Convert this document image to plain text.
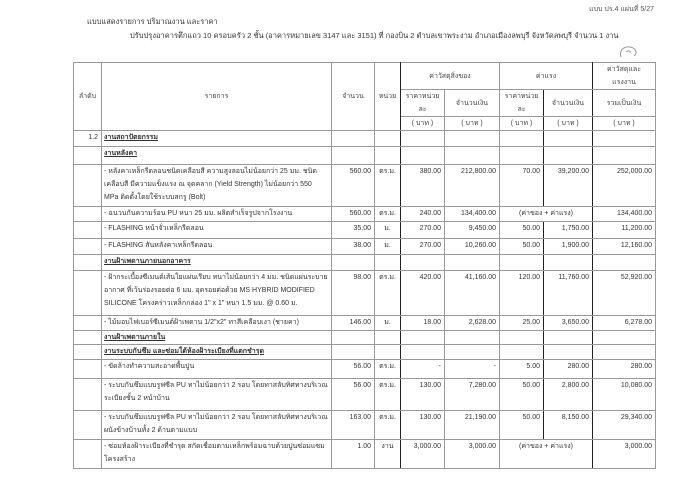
แบบแสดงรายการ ปริมาณงาน และราคา
ปรับปรุงอาคารตึกแถว 10 ครอบครัว 2 ชั้น (อาคารหมายเลข 3147 และ 3151) ที่ กองบิน 2 ตำบลเขาพระงาม อำเภอเมืองลพบุรี จังหวัดลพบุรี จำนวน 1 งาน
แบบ ปร.4 แผ่นที่ 5/27
ลำดับ	รายการ	จำนวน	หน่วย	ค่าวัสดุสิ่งของ		ค่าแรง		ค่าวัสดุและแรงงาน
				ราคาหน่วยละ	จำนวนเงิน	ราคาหน่วยละ	จำนวนเงิน	รวมเป็นเงิน
				( บาท )	( บาท )	( บาท )	( บาท )	( บาท )
1.2	งานสถาปัตยกรรม							
	งานหลังคา							
	- หลังคาเหล็กรีดลอนชนิดเคลือบสี ความสูงลอนไม่น้อยกว่า 25 มม. ชนิดเคลือบสี มีความแข็งแรง ณ จุดคลาก (Yield Strength) ไม่น้อยกว่า 550 MPa ติดตั้งโดยใช้ระบบสกรู (Bolt)	560.00	ตร.ม.	380.00	212,800.00	70.00	39,200.00	252,000.00
	- ฉนวนกันความร้อน PU หนา 25 มม. ผลิตสำเร็จรูปจากโรงงาน	560.00	ตร.ม.	240.00	134,400.00	(ค่าของ + ค่าแรง)		134,400.00
	- FLASHING หน้าจั่วเหล็กรีดลอน	35.00	ม.	270.00	9,450.00	50.00	1,750.00	11,200.00
	- FLASHING สันหลังคาเหล็กรีดลอน	38.00	ม.	270.00	10,260.00	50.00	1,900.00	12,160.00
	งานฝ้าเพดานภายนอกอาคาร							
	- ฝ้ากระเบื้องซีเมนต์เส้นใยแผ่นเรียบ หนาไม่น้อยกว่า 4 มม. ชนิดแผ่นระบายอากาศ ที่เว้นร่องรอยต่อ 6 มม. อุดรอยต่อด้วย MS HYBRID MODIFIED SILICONE โครงคร่าวเหล็กกล่อง 1" x 1" หนา 1.5 มม. @ 0.60 ม.	98.00	ตร.ม.	420.00	41,160.00	120.00	11,760.00	52,920.00
	- ไม้มอบไฟเบอร์ซีเมนต์ฝ้าเพดาน 1/2"x2" ทาสีเคลือบเงา (ชายคา)	146.00	ม.	18.00	2,628.00	25.00	3,650.00	6,278.00
	งานฝ้าเพดานภายใน							
	งานระบบกันซึม และซ่อมใต้ห้องฝ้าระเบียงที่แตกชำรุด							
	- ขัดล้างทำความสะอาดพื้นปูน	56.00	ตร.ม.	-	-	5.00	280.00	280.00
	- ระบบกันซึมแบบรูฟซีล PU ทาไม่น้อยกว่า 2 รอบ โดยทาสลับทิศทางบริเวณระเบียงชั้น 2 หน้าบ้าน	56.00	ตร.ม.	130.00	7,280.00	50.00	2,800.00	10,080.00
	- ระบบกันซึมแบบรูฟซีล PU ทาไม่น้อยกว่า 2 รอบ โดยทาสลับทิศทางบริเวณผนังข้างบ้านทั้ง 2 ด้านตามแบบ	163.00	ตร.ม.	130.00	21,190.00	50.00	8,150.00	29,340.00
	- ซ่อมห้องฝ้าระเบียงที่ชำรุด สกัดเชื่อมตามเหล็กพร้อมฉาบด้วยปูนซ่อมแซมโครงสร้าง	1.00	งาน	3,000.00	3,000.00	(ค่าของ + ค่าแรง)		3,000.00
